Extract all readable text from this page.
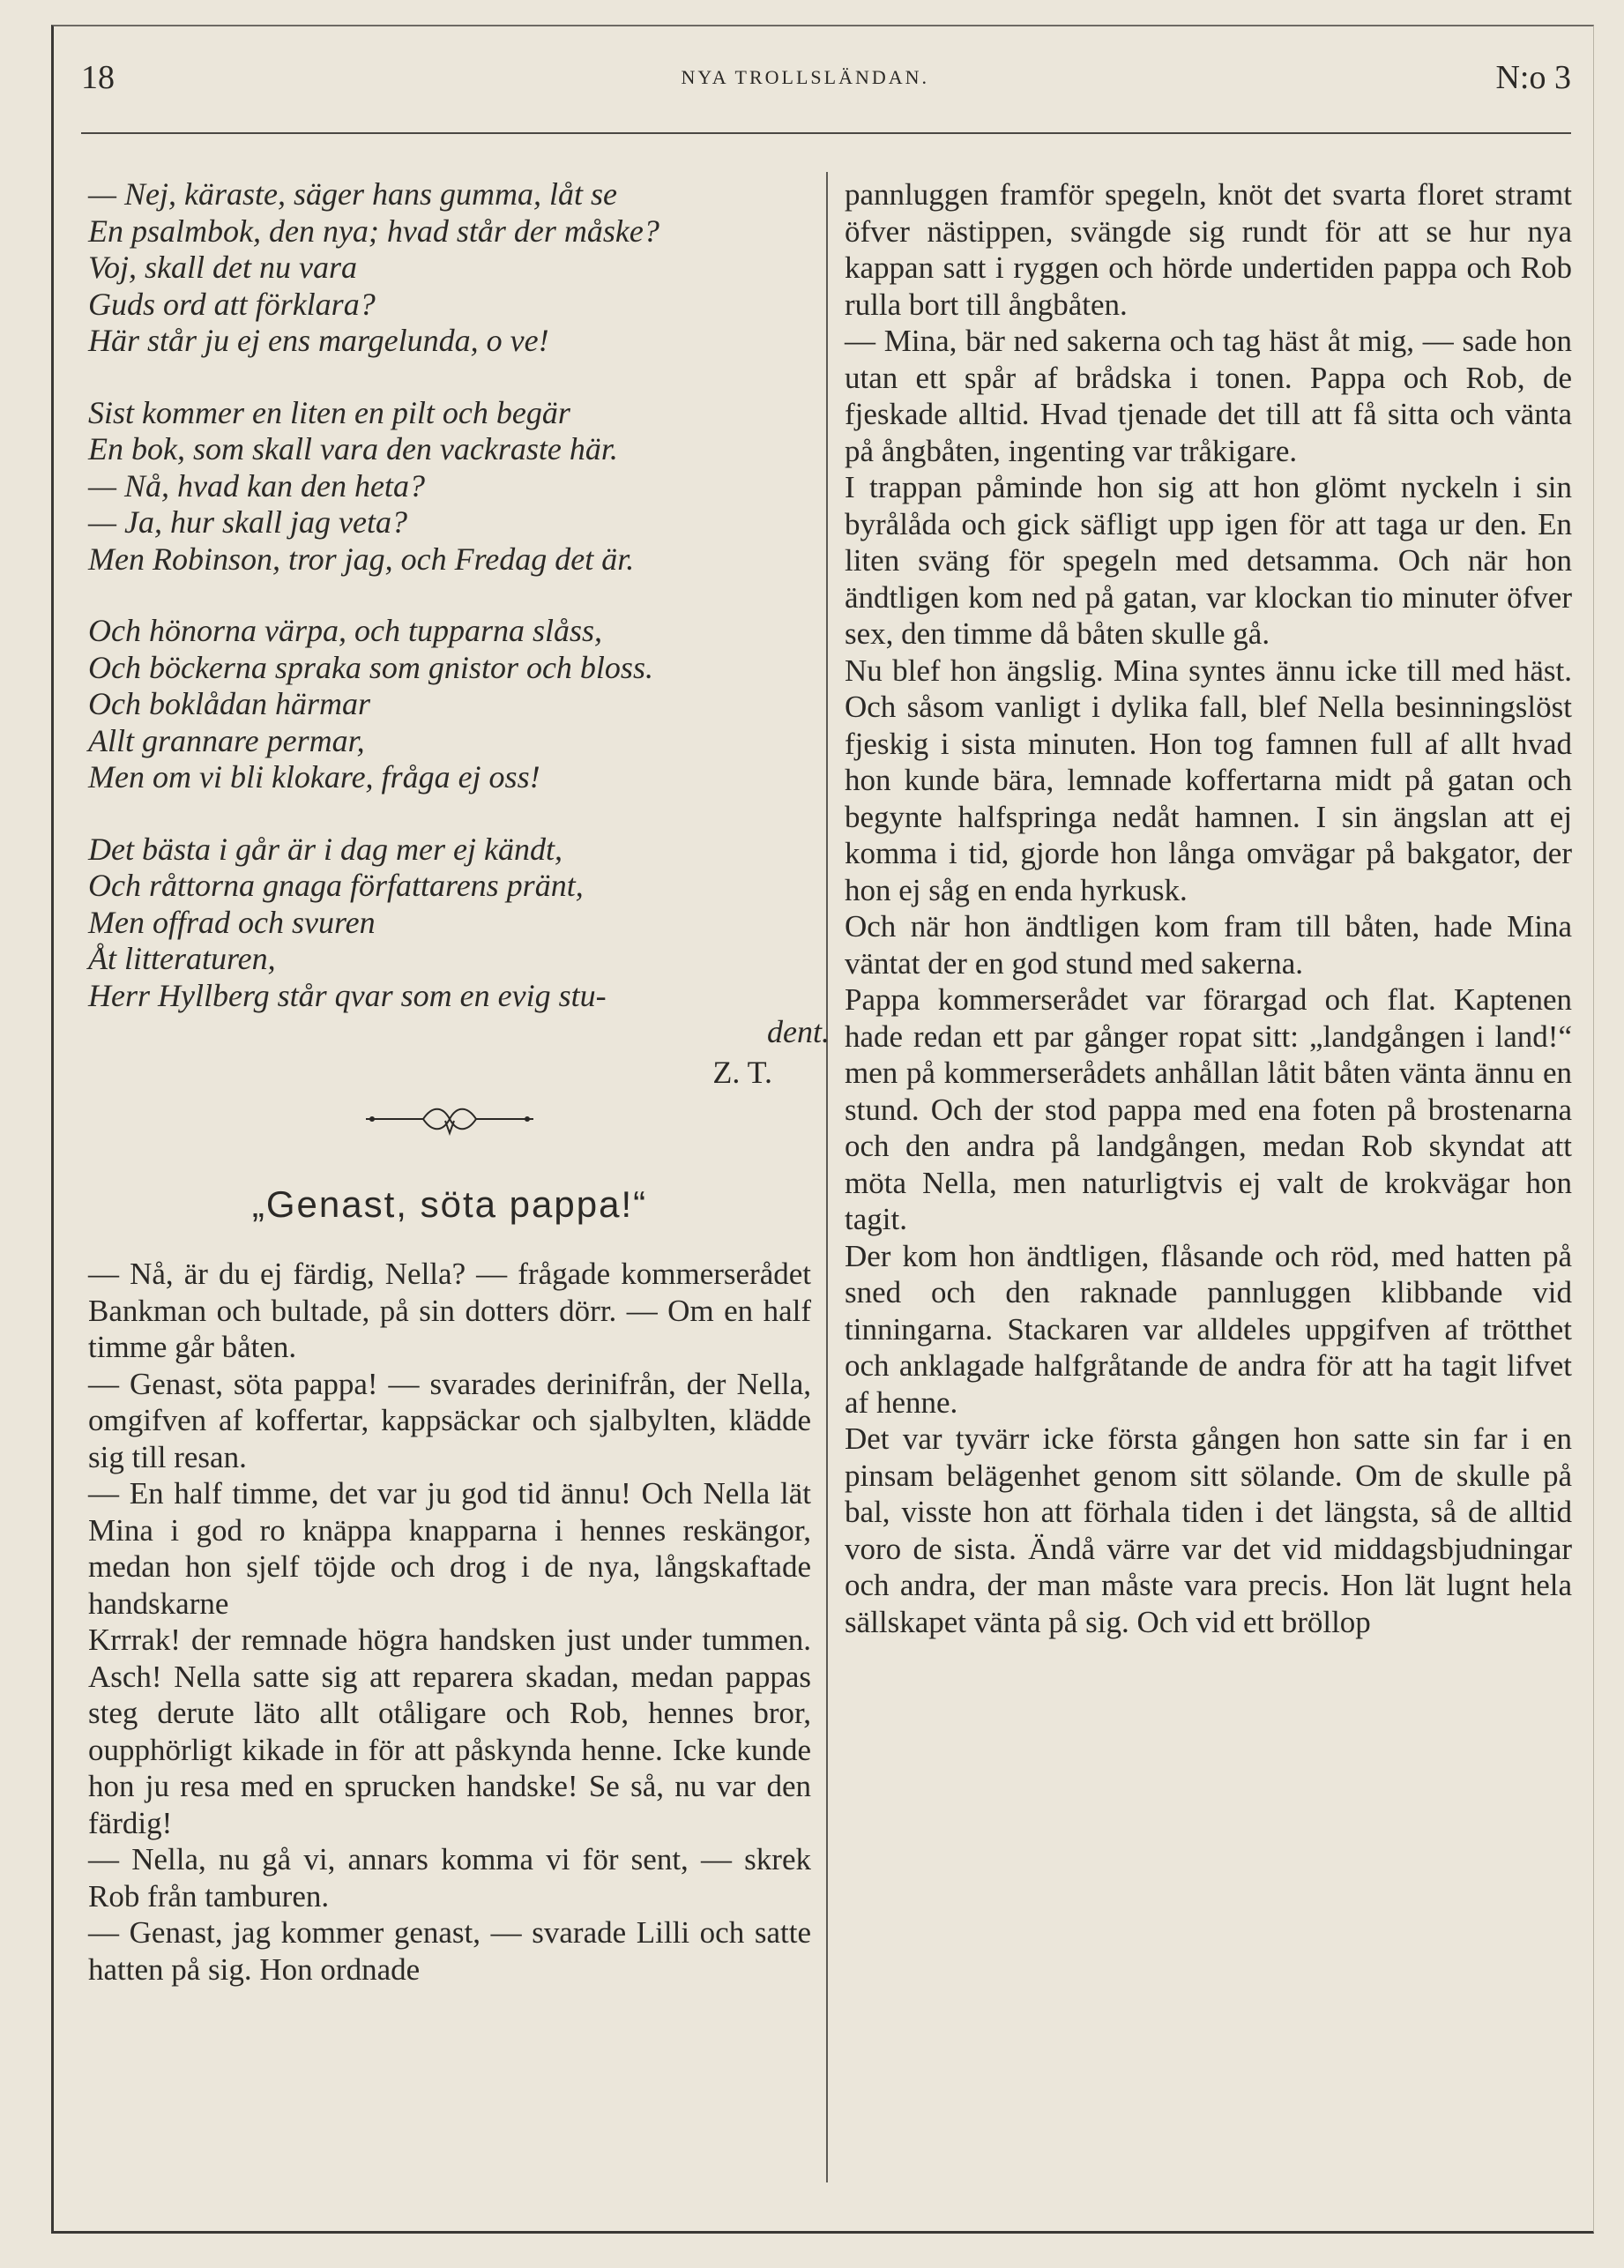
18	NYA TROLLSLÄNDAN.	N:o 3
— Nej, käraste, säger hans gumma, låt se
En psalmbok, den nya; hvad står der måske?
Voj, skall det nu vara
Guds ord att förklara?
Här står ju ej ens margelunda, o ve!
Sist kommer en liten en pilt och begär
En bok, som skall vara den vackraste här.
— Nå, hvad kan den heta?
— Ja, hur skall jag veta?
Men Robinson, tror jag, och Fredag det är.
Och hönorna värpa, och tupparna slåss,
Och böckerna spraka som gnistor och bloss.
Och boklådan härmar
Allt grannare permar,
Men om vi bli klokare, fråga ej oss!
Det bästa i går är i dag mer ej kändt,
Och råttorna gnaga författarens pränt,
Men offrad och svuren
Åt litteraturen,
Herr Hyllberg står qvar som en evig stu-
dent.
Z. T.
„Genast, söta pappa!“

— Nå, är du ej färdig, Nella? — frågade kommerserådet Bankman och bultade, på sin dotters dörr. — Om en half timme går båten.

— Genast, söta pappa! — svarades derinifrån, der Nella, omgifven af koffertar, kappsäckar och sjalbylten, klädde sig till resan.

— En half timme, det var ju god tid ännu! Och Nella lät Mina i god ro knäppa knapparna i hennes reskängor, medan hon sjelf töjde och drog i de nya, långskaftade handskarne

Krrrak! der remnade högra handsken just under tummen. Asch! Nella satte sig att reparera skadan, medan pappas steg derute läto allt otåligare och Rob, hennes bror, oupphörligt kikade in för att påskynda henne. Icke kunde hon ju resa med en sprucken handske! Se så, nu var den färdig!

— Nella, nu gå vi, annars komma vi för sent, — skrek Rob från tamburen.

— Genast, jag kommer genast, — svarade Lilli och satte hatten på sig. Hon ordnade

pannluggen framför spegeln, knöt det svarta floret stramt öfver nästippen, svängde sig rundt för att se hur nya kappan satt i ryggen och hörde undertiden pappa och Rob rulla bort till ångbåten.

— Mina, bär ned sakerna och tag häst åt mig, — sade hon utan ett spår af brådska i tonen. Pappa och Rob, de fjeskade alltid. Hvad tjenade det till att få sitta och vänta på ångbåten, ingenting var tråkigare.

I trappan påminde hon sig att hon glömt nyckeln i sin byrålåda och gick säfligt upp igen för att taga ur den. En liten sväng för spegeln med detsamma. Och när hon ändtligen kom ned på gatan, var klockan tio minuter öfver sex, den timme då båten skulle gå.

Nu blef hon ängslig. Mina syntes ännu icke till med häst. Och såsom vanligt i dylika fall, blef Nella besinningslöst fjeskig i sista minuten. Hon tog famnen full af allt hvad hon kunde bära, lemnade koffertarna midt på gatan och begynte halfspringa nedåt hamnen. I sin ängslan att ej komma i tid, gjorde hon långa omvägar på bakgator, der hon ej såg en enda hyrkusk.

Och när hon ändtligen kom fram till båten, hade Mina väntat der en god stund med sakerna.

Pappa kommerserådet var förargad och flat. Kaptenen hade redan ett par gånger ropat sitt: „landgången i land!“ men på kommerserådets anhållan låtit båten vänta ännu en stund. Och der stod pappa med ena foten på brostenarna och den andra på landgången, medan Rob skyndat att möta Nella, men naturligtvis ej valt de krokvägar hon tagit.

Der kom hon ändtligen, flåsande och röd, med hatten på sned och den raknade pannluggen klibbande vid tinningarna. Stackaren var alldeles uppgifven af trötthet och anklagade halfgråtande de andra för att ha tagit lifvet af henne.

Det var tyvärr icke första gången hon satte sin far i en pinsam belägenhet genom sitt sölande. Om de skulle på bal, visste hon att förhala tiden i det längsta, så de alltid voro de sista. Ändå värre var det vid middagsbjudningar och andra, der man måste vara precis. Hon lät lugnt hela sällskapet vänta på sig. Och vid ett bröllop
